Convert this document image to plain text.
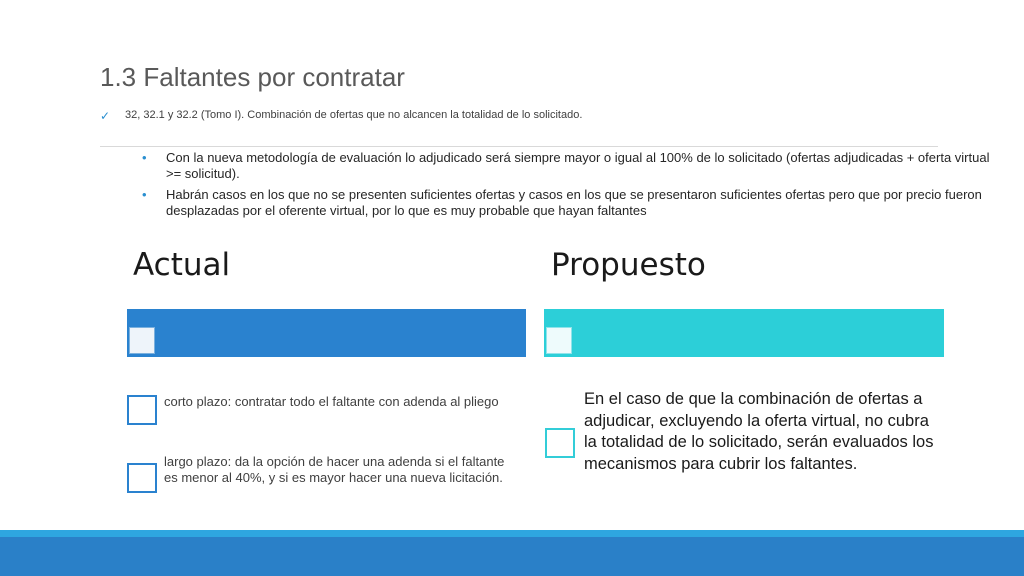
1.3 Faltantes por contratar
✓	32, 32.1 y 32.2 (Tomo I). Combinación de ofertas que no alcancen la totalidad de lo solicitado.
•	Con la nueva metodología de evaluación lo adjudicado será siempre mayor o igual al 100% de lo solicitado (ofertas adjudicadas + oferta virtual >= solicitud).
•	Habrán casos en los que no se presenten suficientes ofertas y casos en los que se presentaron suficientes ofertas pero que por precio fueron desplazadas por el oferente virtual, por lo que es muy probable que hayan faltantes
Actual
corto plazo: contratar todo el faltante con adenda al pliego
largo plazo: da la opción de hacer una adenda si el faltante es menor al 40%, y si es mayor hacer una nueva licitación.
Propuesto
En el caso de que la combinación de ofertas a adjudicar, excluyendo la oferta virtual, no cubra la totalidad de lo solicitado, serán evaluados los mecanismos para cubrir los faltantes.
